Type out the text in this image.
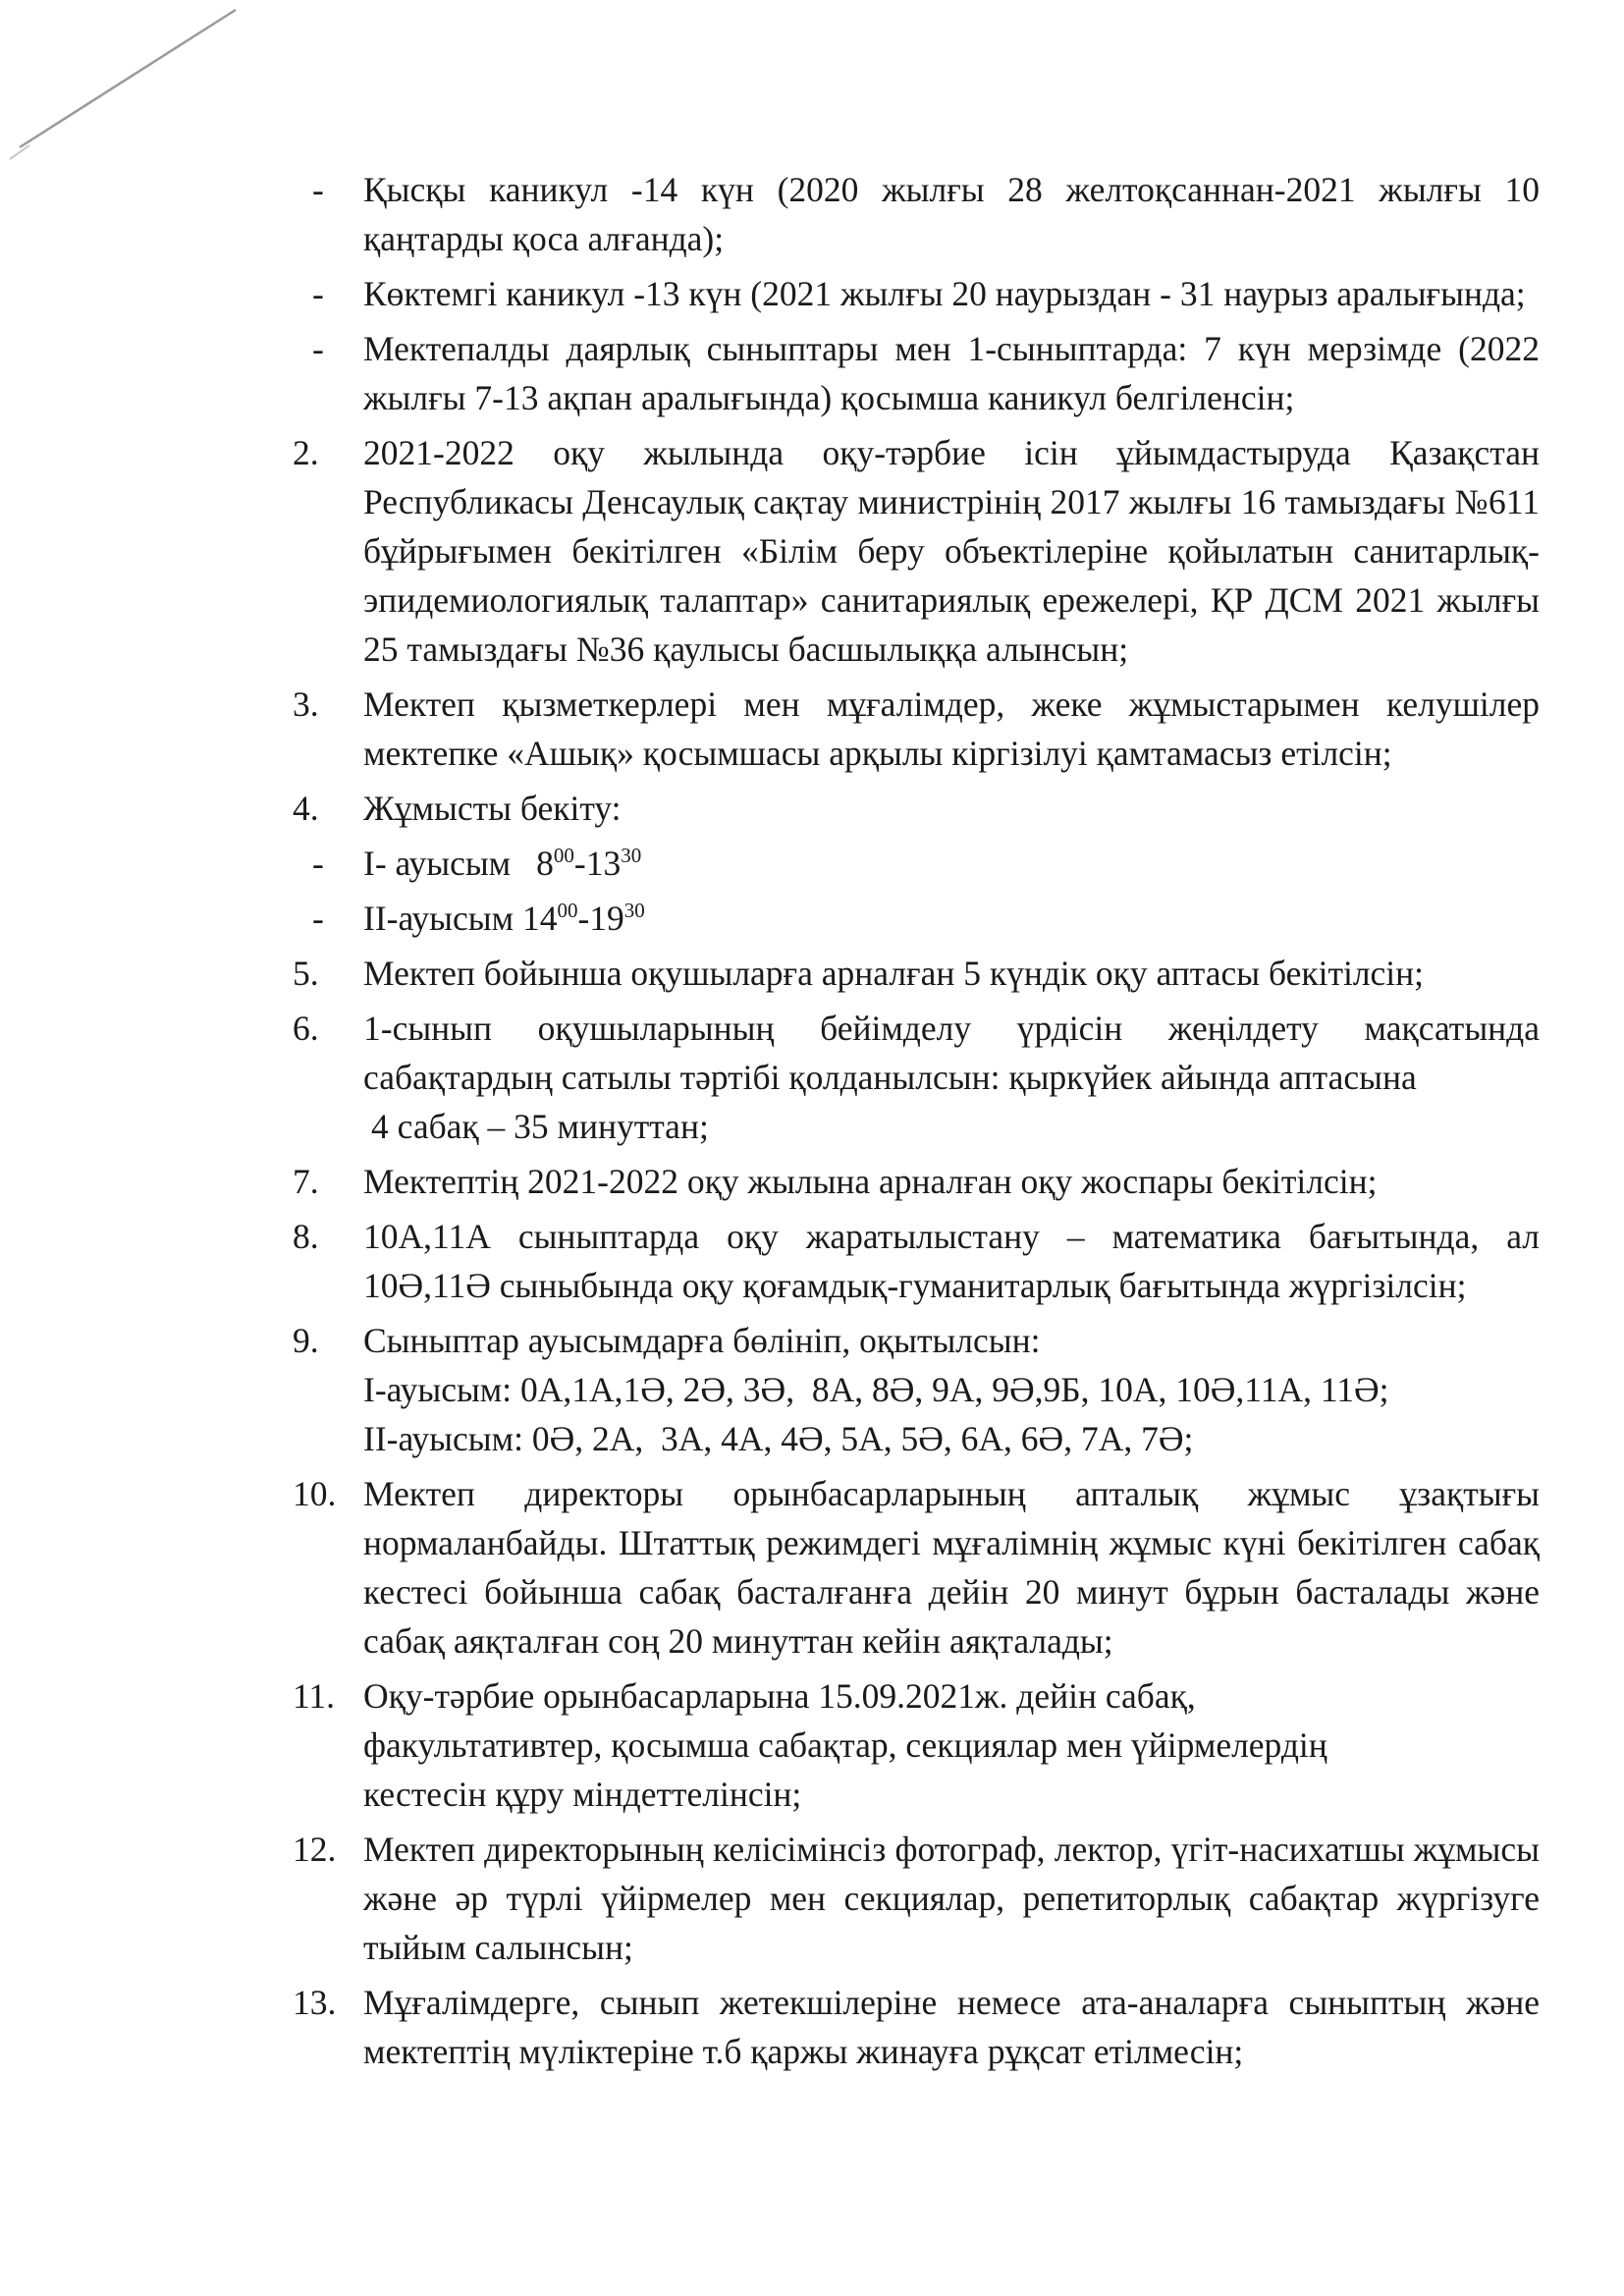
-	Қысқы каникул -14 күн (2020 жылғы 28 желтоқсаннан-2021 жылғы 10 қаңтарды қоса алғанда);
-	Көктемгі каникул -13 күн (2021 жылғы 20 наурыздан - 31 наурыз аралығында;
-	Мектепалды даярлық сыныптары мен 1-сыныптарда: 7 күн мерзімде (2022 жылғы 7-13 ақпан аралығында) қосымша каникул белгіленсін;
2.	2021-2022 оқу жылында оқу-тәрбие ісін ұйымдастыруда Қазақстан Республикасы Денсаулық сақтау министрінің 2017 жылғы 16 тамыздағы №611 бұйрығымен бекітілген «Білім беру объектілеріне қойылатын санитарлық-эпидемиологиялық талаптар» санитариялық ережелері, ҚР ДСМ 2021 жылғы 25 тамыздағы №36 қаулысы басшылыққа алынсын;
3.	Мектеп қызметкерлері мен мұғалімдер, жеке жұмыстарымен келушілер мектепке «Ашық» қосымшасы арқылы кіргізілуі қамтамасыз етілсін;
4.	Жұмысты бекіту:
-	I- ауысым $8^{00}-13^{30}$
-	II-ауысым $14^{00}-19^{30}$
5.	Мектеп бойынша оқушыларға арналған 5 күндік оқу аптасы бекітілсін;
6.	1-сынып оқушыларының бейімделу үрдісін жеңілдету мақсатында
сабақтардың сатылы тәртібі қолданылсын: қыркүйек айында аптасына
4 сабақ – 35 минуттан;
7.	Мектептің 2021-2022 оқу жылына арналған оқу жоспары бекітілсін;
8.	10А,11А сыныптарда оқу жаратылыстану – математика бағытында, ал 10Ә,11Ә сыныбында оқу қоғамдық-гуманитарлық бағытында жүргізілсін;
9.	Сыныптар ауысымдарға бөлініп, оқытылсын:
I-ауысым: 0А,1А,1Ә, 2Ә, 3Ә,  8А, 8Ә, 9А, 9Ә,9Б, 10А, 10Ә,11А, 11Ә;
II-ауысым: 0Ә, 2А,  3А, 4А, 4Ә, 5А, 5Ә, 6А, 6Ә, 7А, 7Ә;
10. Мектеп директоры орынбасарларының апталық жұмыс ұзақтығы нормаланбайды. Штаттық режимдегі мұғалімнің жұмыс күні бекітілген сабақ кестесі бойынша сабақ басталғанға дейін 20 минут бұрын басталады және сабақ аяқталған соң 20 минуттан кейін аяқталады;
11. Оқу-тәрбие орынбасарларына 15.09.2021ж. дейін сабақ,
факультативтер, қосымша сабақтар, секциялар мен үйірмелердің
кестесін құру міндеттелінсін;
12. Мектеп директорының келісімінсіз фотограф, лектор, үгіт-насихатшы жұмысы және әр түрлі үйірмелер мен секциялар, репетиторлық сабақтар жүргізуге тыйым салынсын;
13. Мұғалімдерге, сынып жетекшілеріне немесе ата-аналарға сыныптың және мектептің мүліктеріне т.б қаржы жинауға рұқсат етілмесін;
